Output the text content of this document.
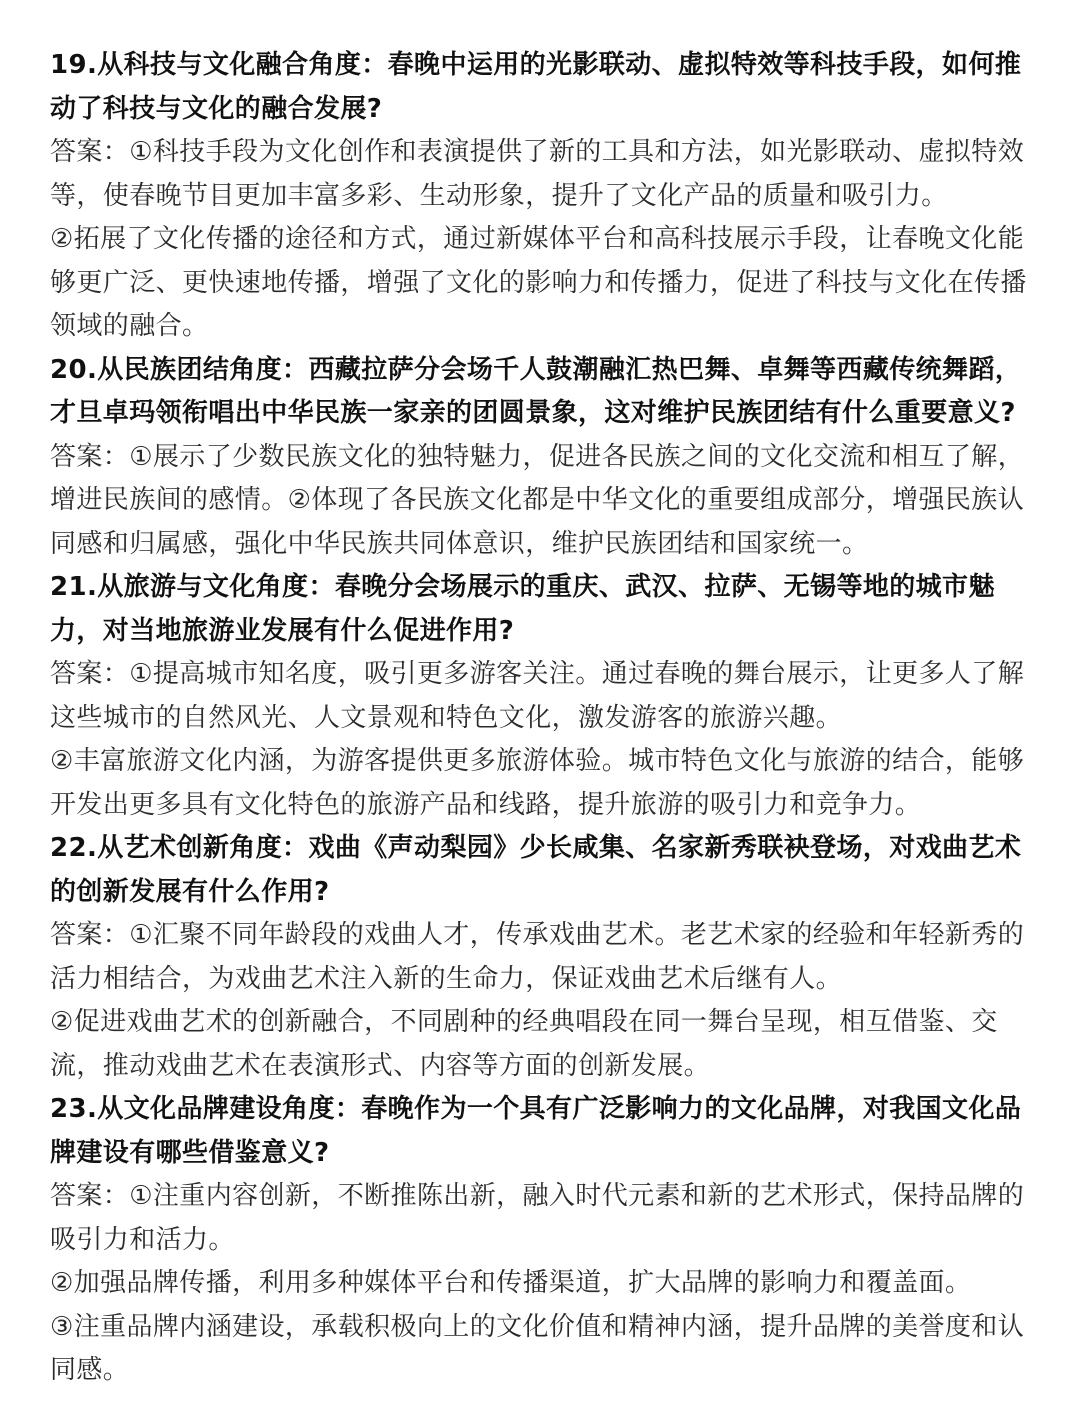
19.从科技与文化融合角度：春晚中运用的光影联动、虚拟特效等科技手段，如何推动了科技与文化的融合发展?

答案：①科技手段为文化创作和表演提供了新的工具和方法，如光影联动、虚拟特效等，使春晚节目更加丰富多彩、生动形象，提升了文化产品的质量和吸引力。

②拓展了文化传播的途径和方式，通过新媒体平台和高科技展示手段，让春晚文化能够更广泛、更快速地传播，增强了文化的影响力和传播力，促进了科技与文化在传播领域的融合。

20.从民族团结角度：西藏拉萨分会场千人鼓潮融汇热巴舞、卓舞等西藏传统舞蹈，才旦卓玛领衔唱出中华民族一家亲的团圆景象，这对维护民族团结有什么重要意义?

答案：①展示了少数民族文化的独特魅力，促进各民族之间的文化交流和相互了解，增进民族间的感情。②体现了各民族文化都是中华文化的重要组成部分，增强民族认同感和归属感，强化中华民族共同体意识，维护民族团结和国家统一。

21.从旅游与文化角度：春晚分会场展示的重庆、武汉、拉萨、无锡等地的城市魅力，对当地旅游业发展有什么促进作用?

答案：①提高城市知名度，吸引更多游客关注。通过春晚的舞台展示，让更多人了解这些城市的自然风光、人文景观和特色文化，激发游客的旅游兴趣。

②丰富旅游文化内涵，为游客提供更多旅游体验。城市特色文化与旅游的结合，能够开发出更多具有文化特色的旅游产品和线路，提升旅游的吸引力和竞争力。

22.从艺术创新角度：戏曲《声动梨园》少长咸集、名家新秀联袂登场，对戏曲艺术的创新发展有什么作用?

答案：①汇聚不同年龄段的戏曲人才，传承戏曲艺术。老艺术家的经验和年轻新秀的活力相结合，为戏曲艺术注入新的生命力，保证戏曲艺术后继有人。

②促进戏曲艺术的创新融合，不同剧种的经典唱段在同一舞台呈现，相互借鉴、交流，推动戏曲艺术在表演形式、内容等方面的创新发展。

23.从文化品牌建设角度：春晚作为一个具有广泛影响力的文化品牌，对我国文化品牌建设有哪些借鉴意义?

答案：①注重内容创新，不断推陈出新，融入时代元素和新的艺术形式，保持品牌的吸引力和活力。

②加强品牌传播，利用多种媒体平台和传播渠道，扩大品牌的影响力和覆盖面。

③注重品牌内涵建设，承载积极向上的文化价值和精神内涵，提升品牌的美誉度和认同感。
